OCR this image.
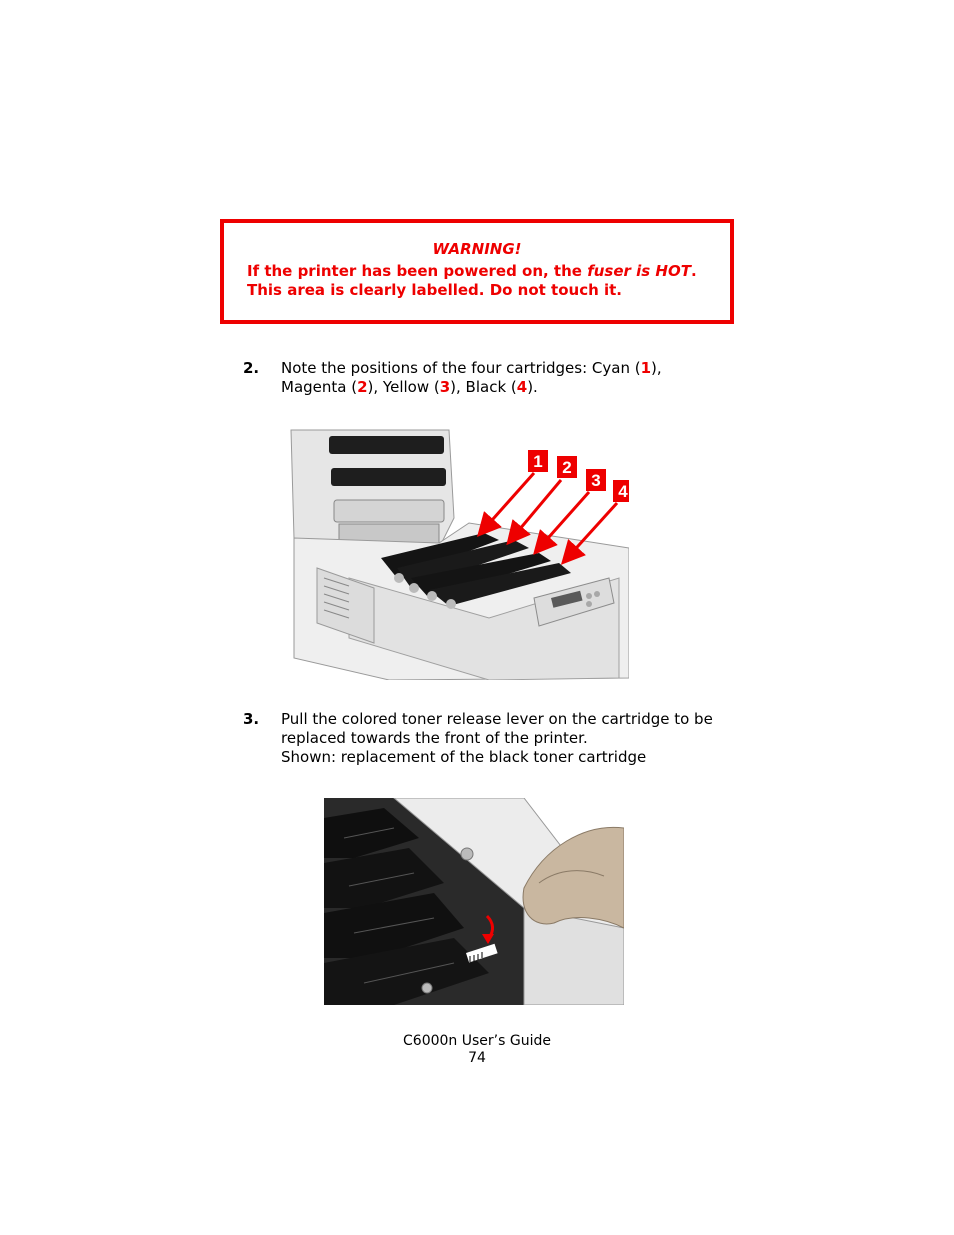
WARNING!
If the printer has been powered on, the fuser is HOT.
This area is clearly labelled. Do not touch it.
2. Note the positions of the four cartridges: Cyan (1),
Magenta (2), Yellow (3), Black (4).
1 2
3
4
3. Pull the colored toner release lever on the cartridge to be
replaced towards the front of the printer.
Shown: replacement of the black toner cartridge
C6000n User’s Guide
74
